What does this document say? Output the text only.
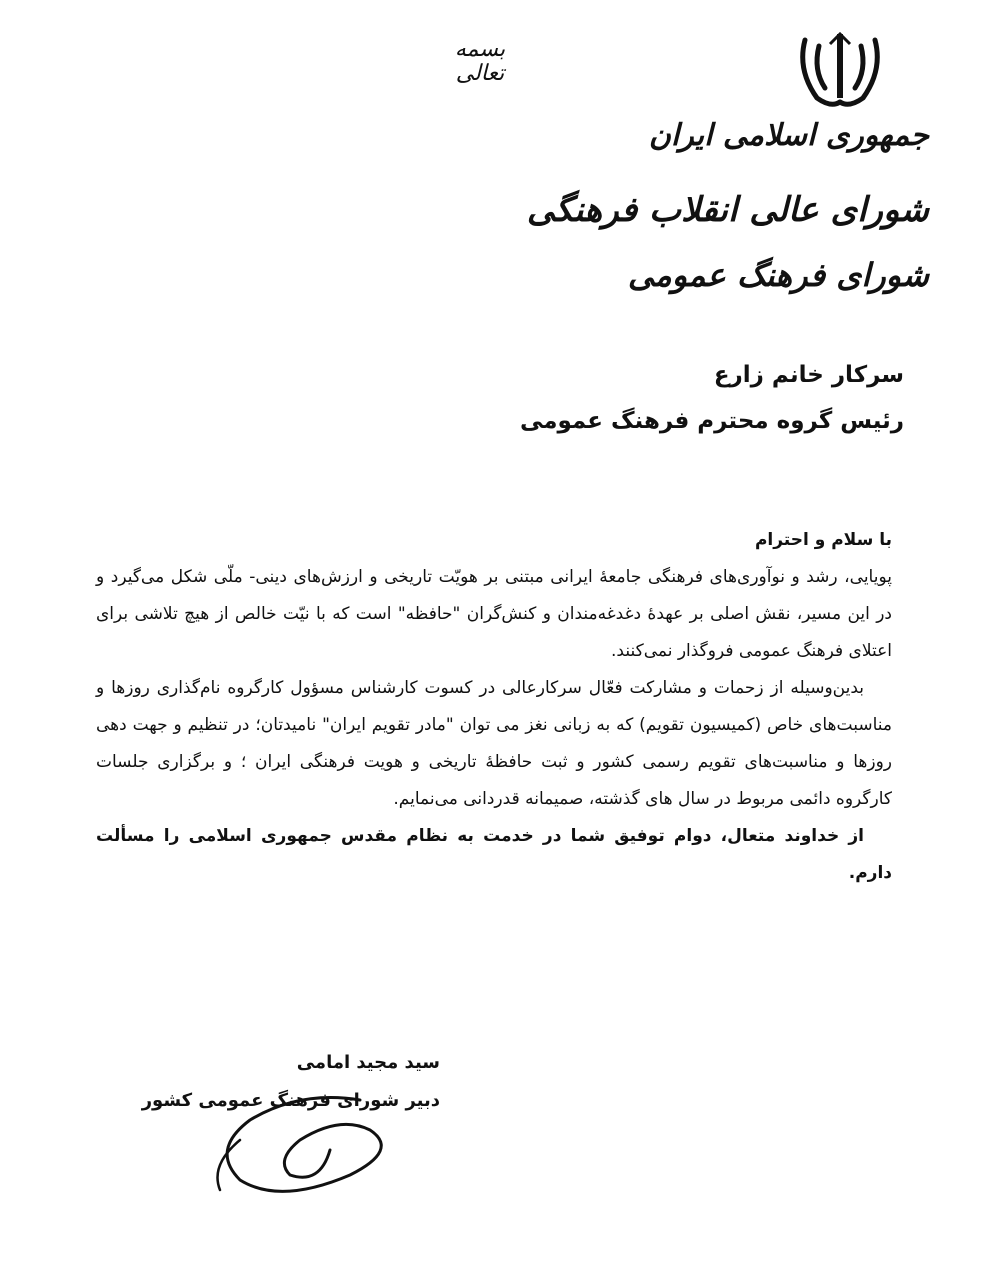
بسمه تعالی
جمهوری اسلامی ایران
شورای عالی انقلاب فرهنگی
شورای فرهنگ عمومی
سرکار خانم زارع
رئیس گروه محترم فرهنگ عمومی

با سلام و احترام

پویایی، رشد و نوآوری‌های فرهنگی جامعهٔ ایرانی مبتنی بر هویّت تاریخی و ارزش‌های دینی- ملّی شکل می‌گیرد و در این مسیر، نقش اصلی بر عهدهٔ دغدغه‌مندان و کنش‌گران "حافظه" است که با نیّت خالص از هیچ تلاشی برای اعتلای فرهنگ عمومی فروگذار نمی‌کنند.

بدین‌وسیله از زحمات و مشارکت فعّال سرکارعالی در کسوت کارشناس مسؤول کارگروه نام‌گذاری روزها و مناسبت‌های خاص (کمیسیون تقویم) که به زبانی نغز می توان "مادر تقویم ایران" نامیدتان؛ در تنظیم و جهت دهی روزها و مناسبت‌های تقویم رسمی کشور و ثبت حافظهٔ تاریخی و هویت فرهنگی ایران ؛ و برگزاری جلسات کارگروه دائمی مربوط در سال های گذشته، صمیمانه قدردانی می‌نمایم.

از خداوند متعال، دوام توفیق شما در خدمت به نظام مقدس جمهوری اسلامی را مسألت دارم.

سید مجید امامی
دبیر شورای فرهنگ عمومی کشور
